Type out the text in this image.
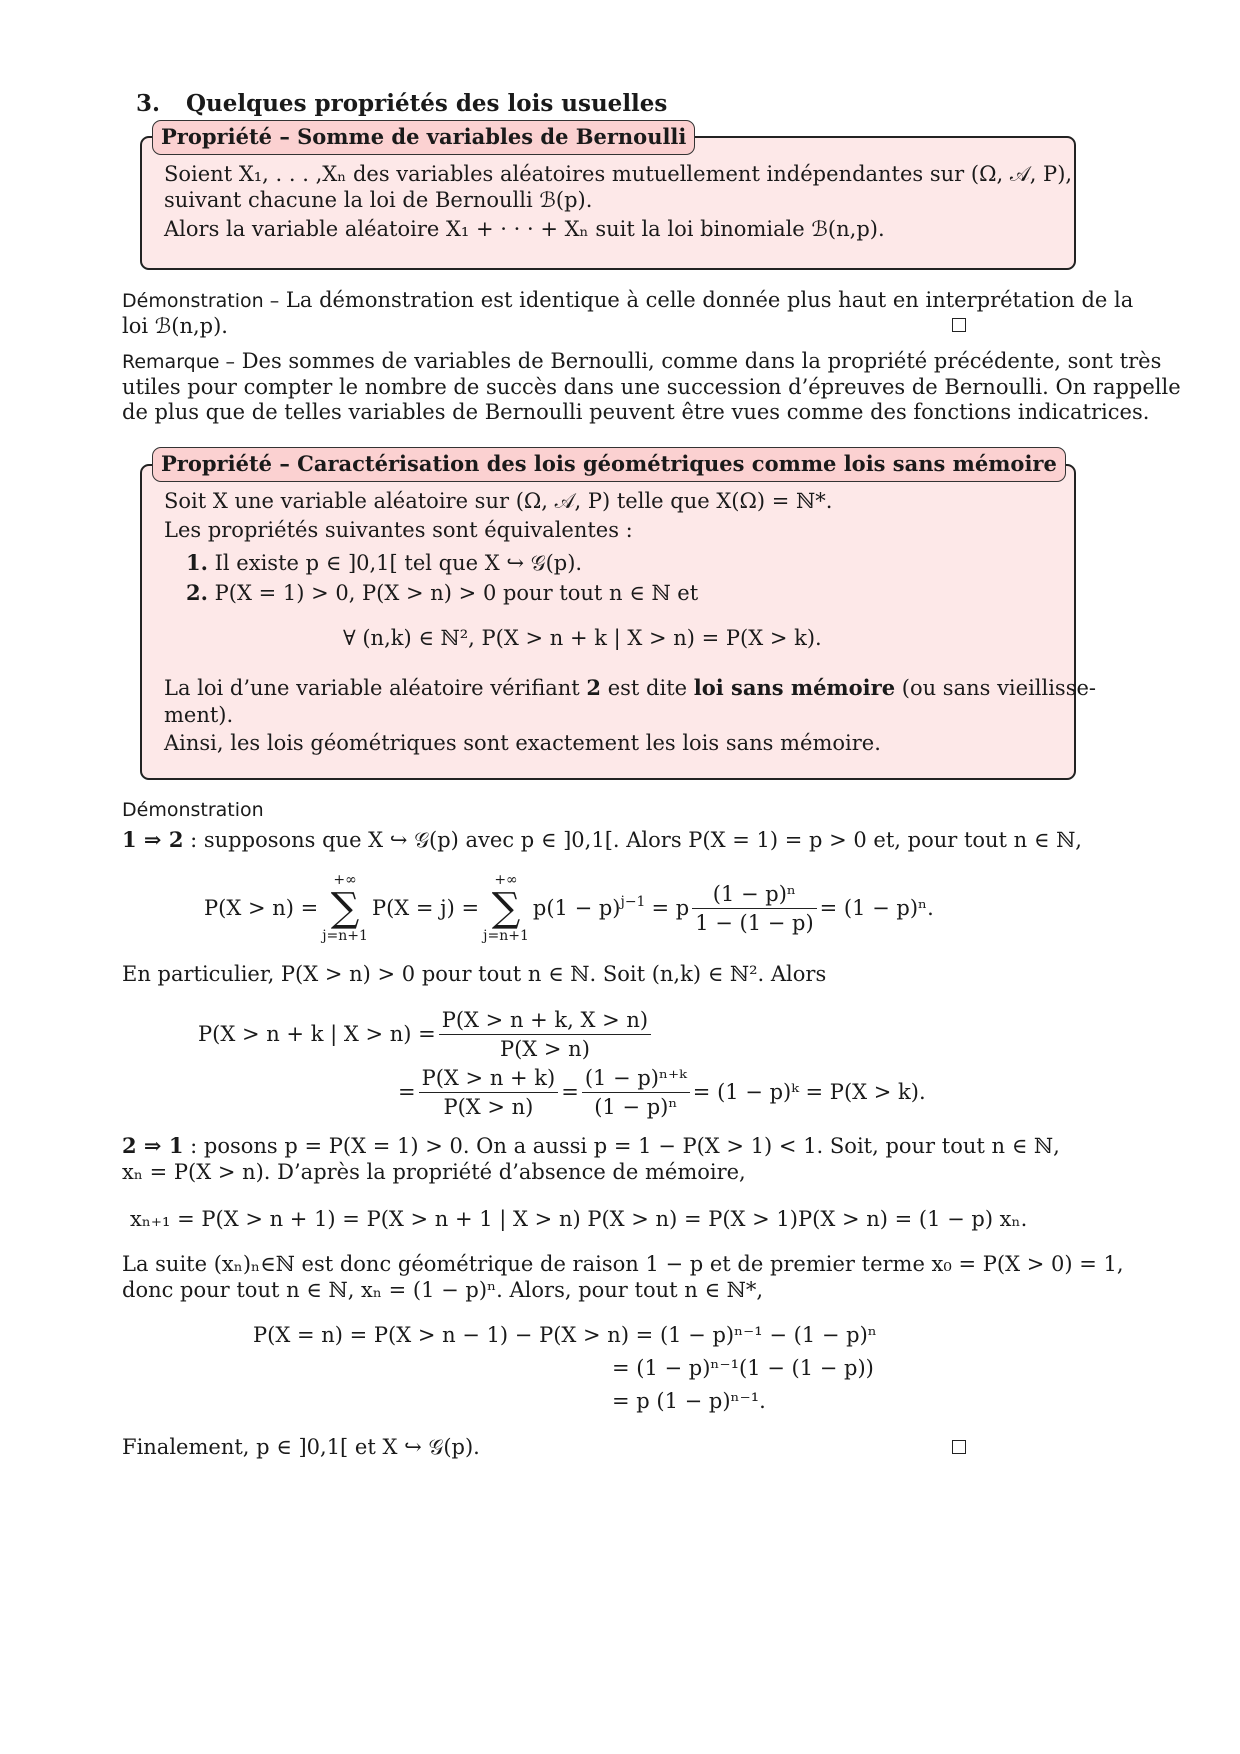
3. Quelques propriétés des lois usuelles
Propriété – Somme de variables de Bernoulli
Soient X₁, . . . ,Xₙ des variables aléatoires mutuellement indépendantes sur (Ω, 𝒜, P),
suivant chacune la loi de Bernoulli ℬ(p).
Alors la variable aléatoire X₁ + · · · + Xₙ suit la loi binomiale ℬ(n,p).
Démonstration – La démonstration est identique à celle donnée plus haut en interprétation de la
loi ℬ(n,p).
Remarque – Des sommes de variables de Bernoulli, comme dans la propriété précédente, sont très
utiles pour compter le nombre de succès dans une succession d’épreuves de Bernoulli. On rappelle
de plus que de telles variables de Bernoulli peuvent être vues comme des fonctions indicatrices.
Propriété – Caractérisation des lois géométriques comme lois sans mémoire
Soit X une variable aléatoire sur (Ω, 𝒜, P) telle que X(Ω) = ℕ*.
Les propriétés suivantes sont équivalentes :
1. Il existe p ∈ ]0,1[ tel que X ↪ 𝒢(p).
2. P(X = 1) > 0, P(X > n) > 0 pour tout n ∈ ℕ et
∀ (n,k) ∈ ℕ², P(X > n + k | X > n) = P(X > k).
La loi d’une variable aléatoire vérifiant 2 est dite loi sans mémoire (ou sans vieillisse-
ment).
Ainsi, les lois géométriques sont exactement les lois sans mémoire.
Démonstration
1 ⇒ 2 : supposons que X ↪ 𝒢(p) avec p ∈ ]0,1[. Alors P(X = 1) = p > 0 et, pour tout n ∈ ℕ,
P(X > n) =
+∞
∑
j=n+1
P(X = j) =
+∞
∑
j=n+1
$p(1 - p)^{j-1} = p \frac{\text{(1 − p)ⁿ}}{1 - (1 - p)} = (1 - p)^n$.
En particulier, P(X > n) > 0 pour tout n ∈ ℕ. Soit (n,k) ∈ ℕ². Alors
P(X > n + k | $X > n) = \frac{P(X > n + k, X > n)}{P(X > n)}$
= $\frac{P(X > n + k)}{P(X > n)} = \frac{\text{(1 − p)ⁿ⁺ᵏ}}{\text{(1 − p)ⁿ}} = (1$ − p)ᵏ = P(X > k).
2 ⇒ 1 : posons p = P(X = 1) > 0. On a aussi p = 1 − P(X > 1) < 1. Soit, pour tout n ∈ ℕ,
xₙ = P(X > n). D’après la propriété d’absence de mémoire,
xₙ₊₁ = P(X > n + 1) = P(X > n + 1 | X > n) P(X > n) = P(X > 1)P(X > n) = (1 − p) xₙ.
La suite (xₙ)ₙ∈ℕ est donc géométrique de raison 1 − p et de premier terme x₀ = P(X > 0) = 1,
donc pour tout n ∈ ℕ, xₙ = (1 − p)ⁿ. Alors, pour tout n ∈ ℕ*,
P(X = n) = P(X > n − 1) − P(X > n) = (1 − p)ⁿ⁻¹ − (1 − p)ⁿ
= (1 − p)ⁿ⁻¹(1 − (1 − p))
= p (1 − p)ⁿ⁻¹.
Finalement, p ∈ ]0,1[ et X ↪ 𝒢(p).
